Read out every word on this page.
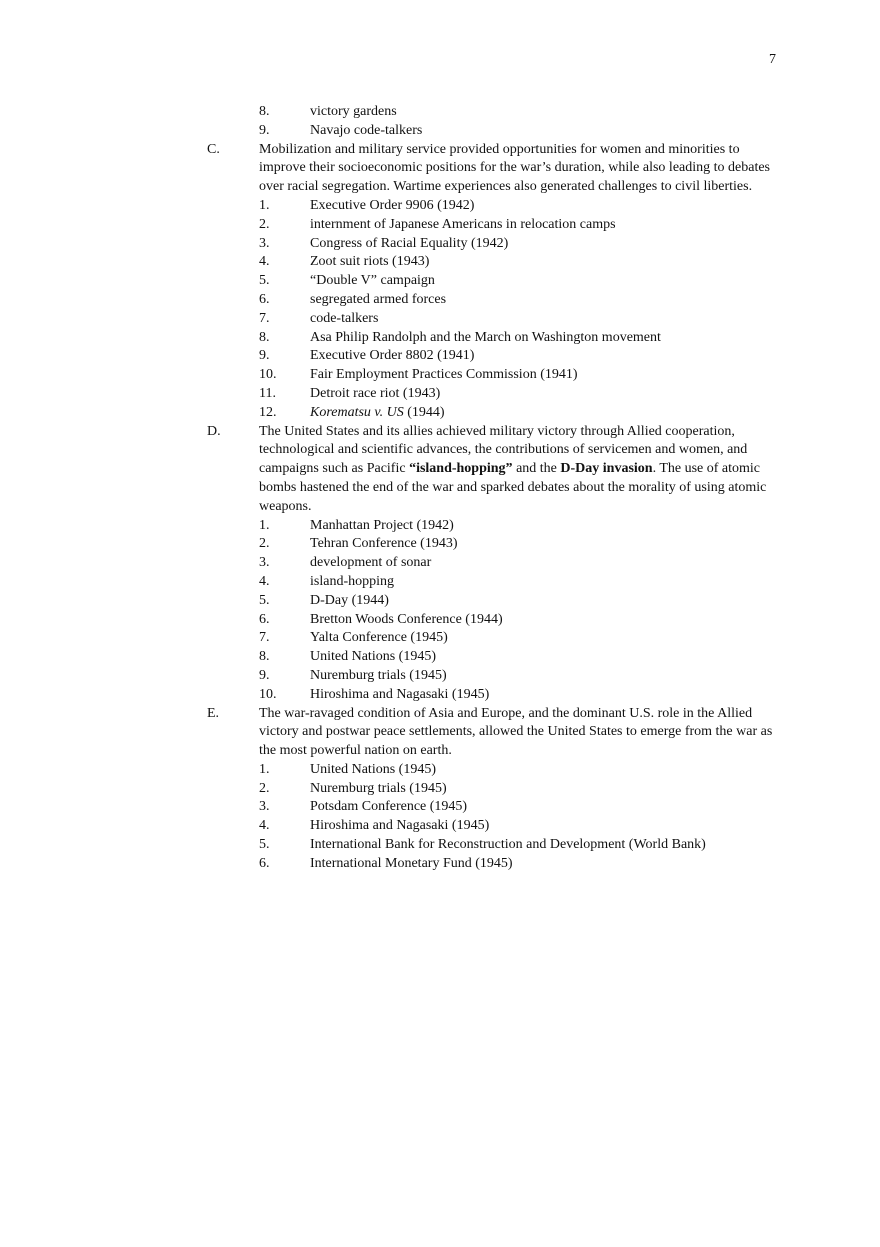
7
8.	victory gardens
9.	Navajo code-talkers
C.	Mobilization and military service provided opportunities for women and minorities to improve their socioeconomic positions for the war’s duration, while also leading to debates over racial segregation. Wartime experiences also generated challenges to civil liberties.
1.	Executive Order 9906 (1942)
2.	internment of Japanese Americans in relocation camps
3.	Congress of Racial Equality (1942)
4.	Zoot suit riots (1943)
5.	“Double V” campaign
6.	segregated armed forces
7.	code-talkers
8.	Asa Philip Randolph and the March on Washington movement
9.	Executive Order 8802 (1941)
10. Fair Employment Practices Commission (1941)
11. Detroit race riot (1943)
12. Korematsu v. US (1944)
D.	The United States and its allies achieved military victory through Allied cooperation, technological and scientific advances, the contributions of servicemen and women, and campaigns such as Pacific “island-hopping” and the D-Day invasion. The use of atomic bombs hastened the end of the war and sparked debates about the morality of using atomic weapons.
1.	Manhattan Project (1942)
2.	Tehran Conference (1943)
3.	development of sonar
4.	island-hopping
5.	D-Day (1944)
6.	Bretton Woods Conference (1944)
7.	Yalta Conference (1945)
8.	United Nations (1945)
9.	Nuremburg trials (1945)
10. Hiroshima and Nagasaki (1945)
E.	The war-ravaged condition of Asia and Europe, and the dominant U.S. role in the Allied victory and postwar peace settlements, allowed the United States to emerge from the war as the most powerful nation on earth.
1.	United Nations (1945)
2.	Nuremburg trials (1945)
3.	Potsdam Conference (1945)
4.	Hiroshima and Nagasaki (1945)
5.	International Bank for Reconstruction and Development (World Bank)
6.	International Monetary Fund (1945)
